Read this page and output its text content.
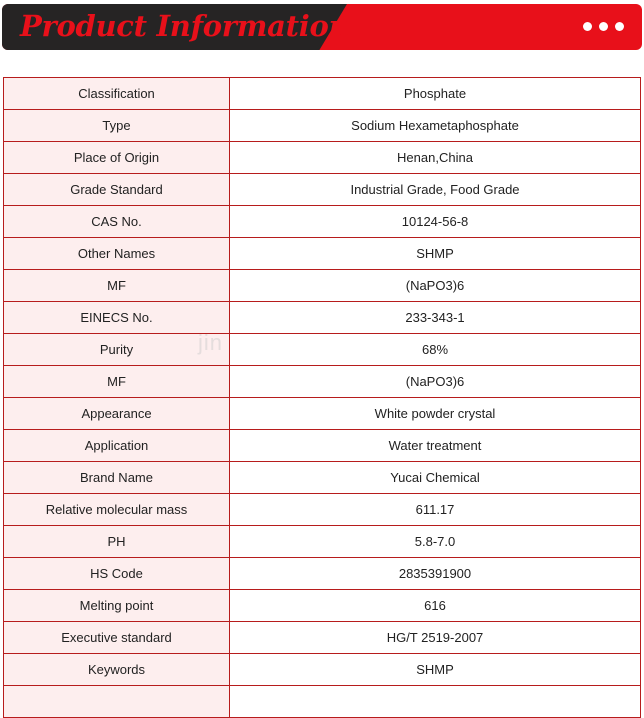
Product Information
Classification	Phosphate
Type	Sodium Hexametaphosphate
Place of Origin	Henan,China
Grade Standard	Industrial Grade, Food Grade
CAS No.	10124-56-8
Other Names	SHMP
MF	(NaPO3)6
EINECS No.	233-343-1
Purity	68%
MF	(NaPO3)6
Appearance	White powder crystal
Application	Water treatment
Brand Name	Yucai Chemical
Relative molecular mass	611.17
PH	5.8-7.0
HS Code	2835391900
Melting point	616
Executive standard	HG/T 2519-2007
Keywords	SHMP

jin
